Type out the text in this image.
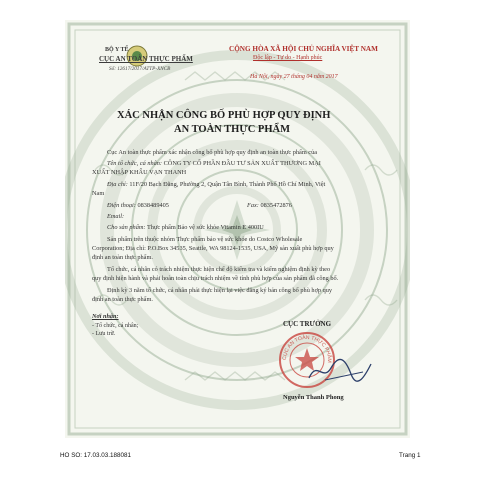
BỘ Y TẾ
CỤC AN TOÀN THỰC PHẨM
Số: 12617/2017/ATTP-XNCB
CỘNG HÒA XÃ HỘI CHỦ NGHĨA VIỆT NAM
Độc lập - Tự do - Hạnh phúc
Hà Nội, ngày 27 tháng 04 năm 2017
XÁC NHẬN CÔNG BỐ PHÙ HỢP QUY ĐỊNH
AN TOÀN THỰC PHẨM
Cục An toàn thực phẩm xác nhận công bố phù hợp quy định an toàn thực phẩm của
Tên tổ chức, cá nhân: CÔNG TY CỔ PHẦN ĐẦU TƯ SẢN XUẤT THƯƠNG MẠI
XUẤT NHẬP KHẨU VẠN THANH
Địa chỉ: 11F/20 Bạch Đằng, Phường 2, Quận Tân Bình, Thành Phố Hồ Chí Minh, Việt
Nam
Điện thoại: 0838489405	Fax: 0835472876
Email:
Cho sản phẩm: Thực phẩm Bảo vệ sức khỏe Vitamin E 400IU
Sản phẩm trên thuộc nhóm Thực phẩm bảo vệ sức khỏe do Costco Wholesale
Corporation; Địa chỉ: P.O.Box 34535, Seattle, WA 98124-1535, USA, Mỹ sản xuất phù hợp quy
định an toàn thực phẩm.
Tổ chức, cá nhân có trách nhiệm thực hiện chế độ kiểm tra và kiểm nghiệm định kỳ theo
quy định hiện hành và phải hoàn toàn chịu trách nhiệm về tính phù hợp của sản phẩm đã công bố.
Định kỳ 3 năm tổ chức, cá nhân phải thực hiện lại việc đăng ký bản công bố phù hợp quy
định an toàn thực phẩm.
Nơi nhận:
- Tổ chức, cá nhân;
- Lưu trữ.
CỤC TRƯỞNG
CỤC AN TOÀN THỰC PHẨM
Nguyễn Thanh Phong
HO SO: 17.03.03.188081	Trang 1
